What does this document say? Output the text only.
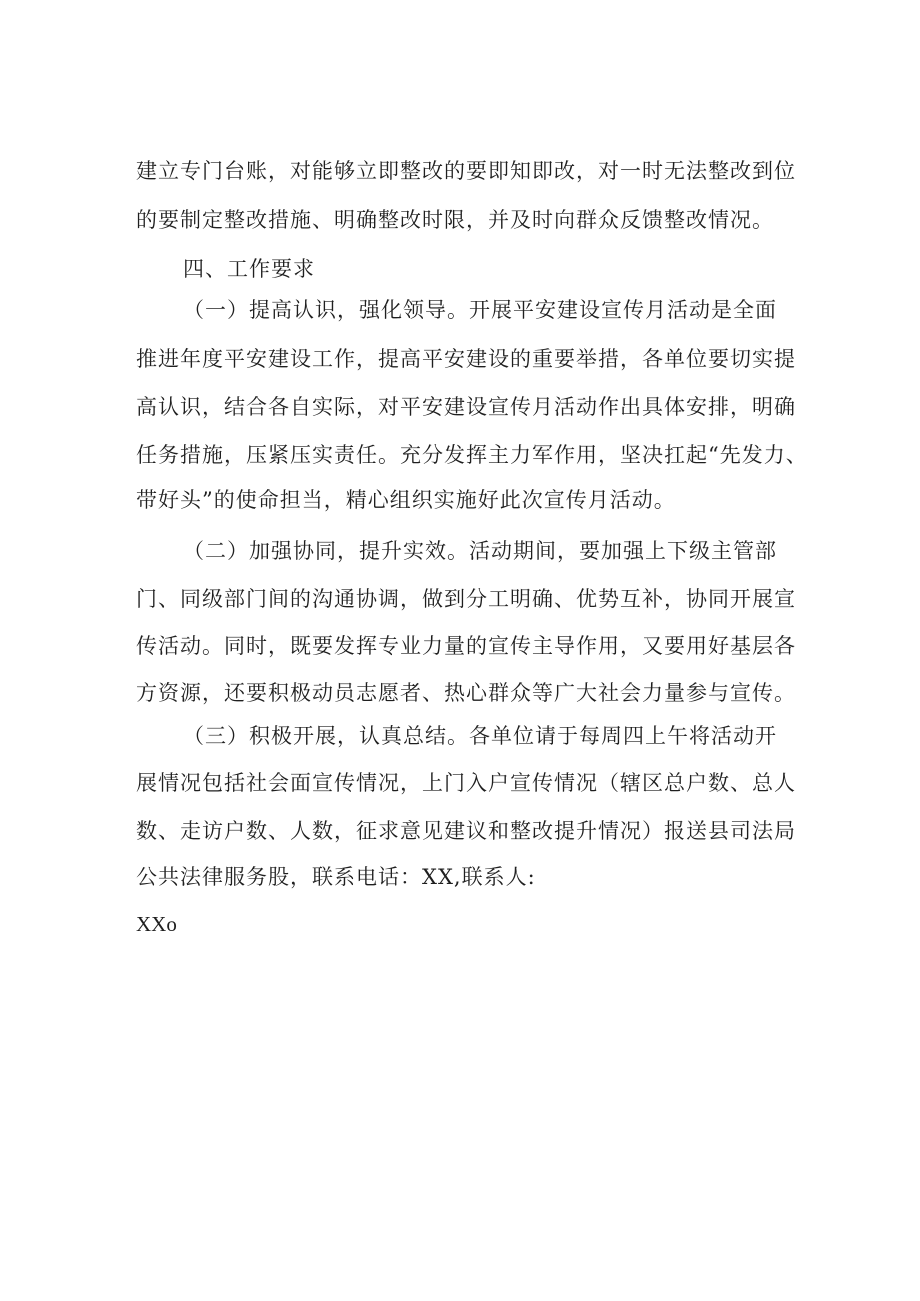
建立专门台账，对能够立即整改的要即知即改，对一时无法整改到位

的要制定整改措施、明确整改时限，并及时向群众反馈整改情况。

四、工作要求

（一）提高认识，强化领导。开展平安建设宣传月活动是全面

推进年度平安建设工作，提高平安建设的重要举措，各单位要切实提

高认识，结合各自实际，对平安建设宣传月活动作出具体安排，明确

任务措施，压紧压实责任。充分发挥主力军作用，坚决扛起“先发力、

带好头”的使命担当，精心组织实施好此次宣传月活动。

（二）加强协同，提升实效。活动期间，要加强上下级主管部

门、同级部门间的沟通协调，做到分工明确、优势互补，协同开展宣

传活动。同时，既要发挥专业力量的宣传主导作用，又要用好基层各

方资源，还要积极动员志愿者、热心群众等广大社会力量参与宣传。

（三）积极开展，认真总结。各单位请于每周四上午将活动开

展情况包括社会面宣传情况，上门入户宣传情况（辖区总户数、总人

数、走访户数、人数，征求意见建议和整改提升情况）报送县司法局

公共法律服务股，联系电话：XX,联系人:

XXo
